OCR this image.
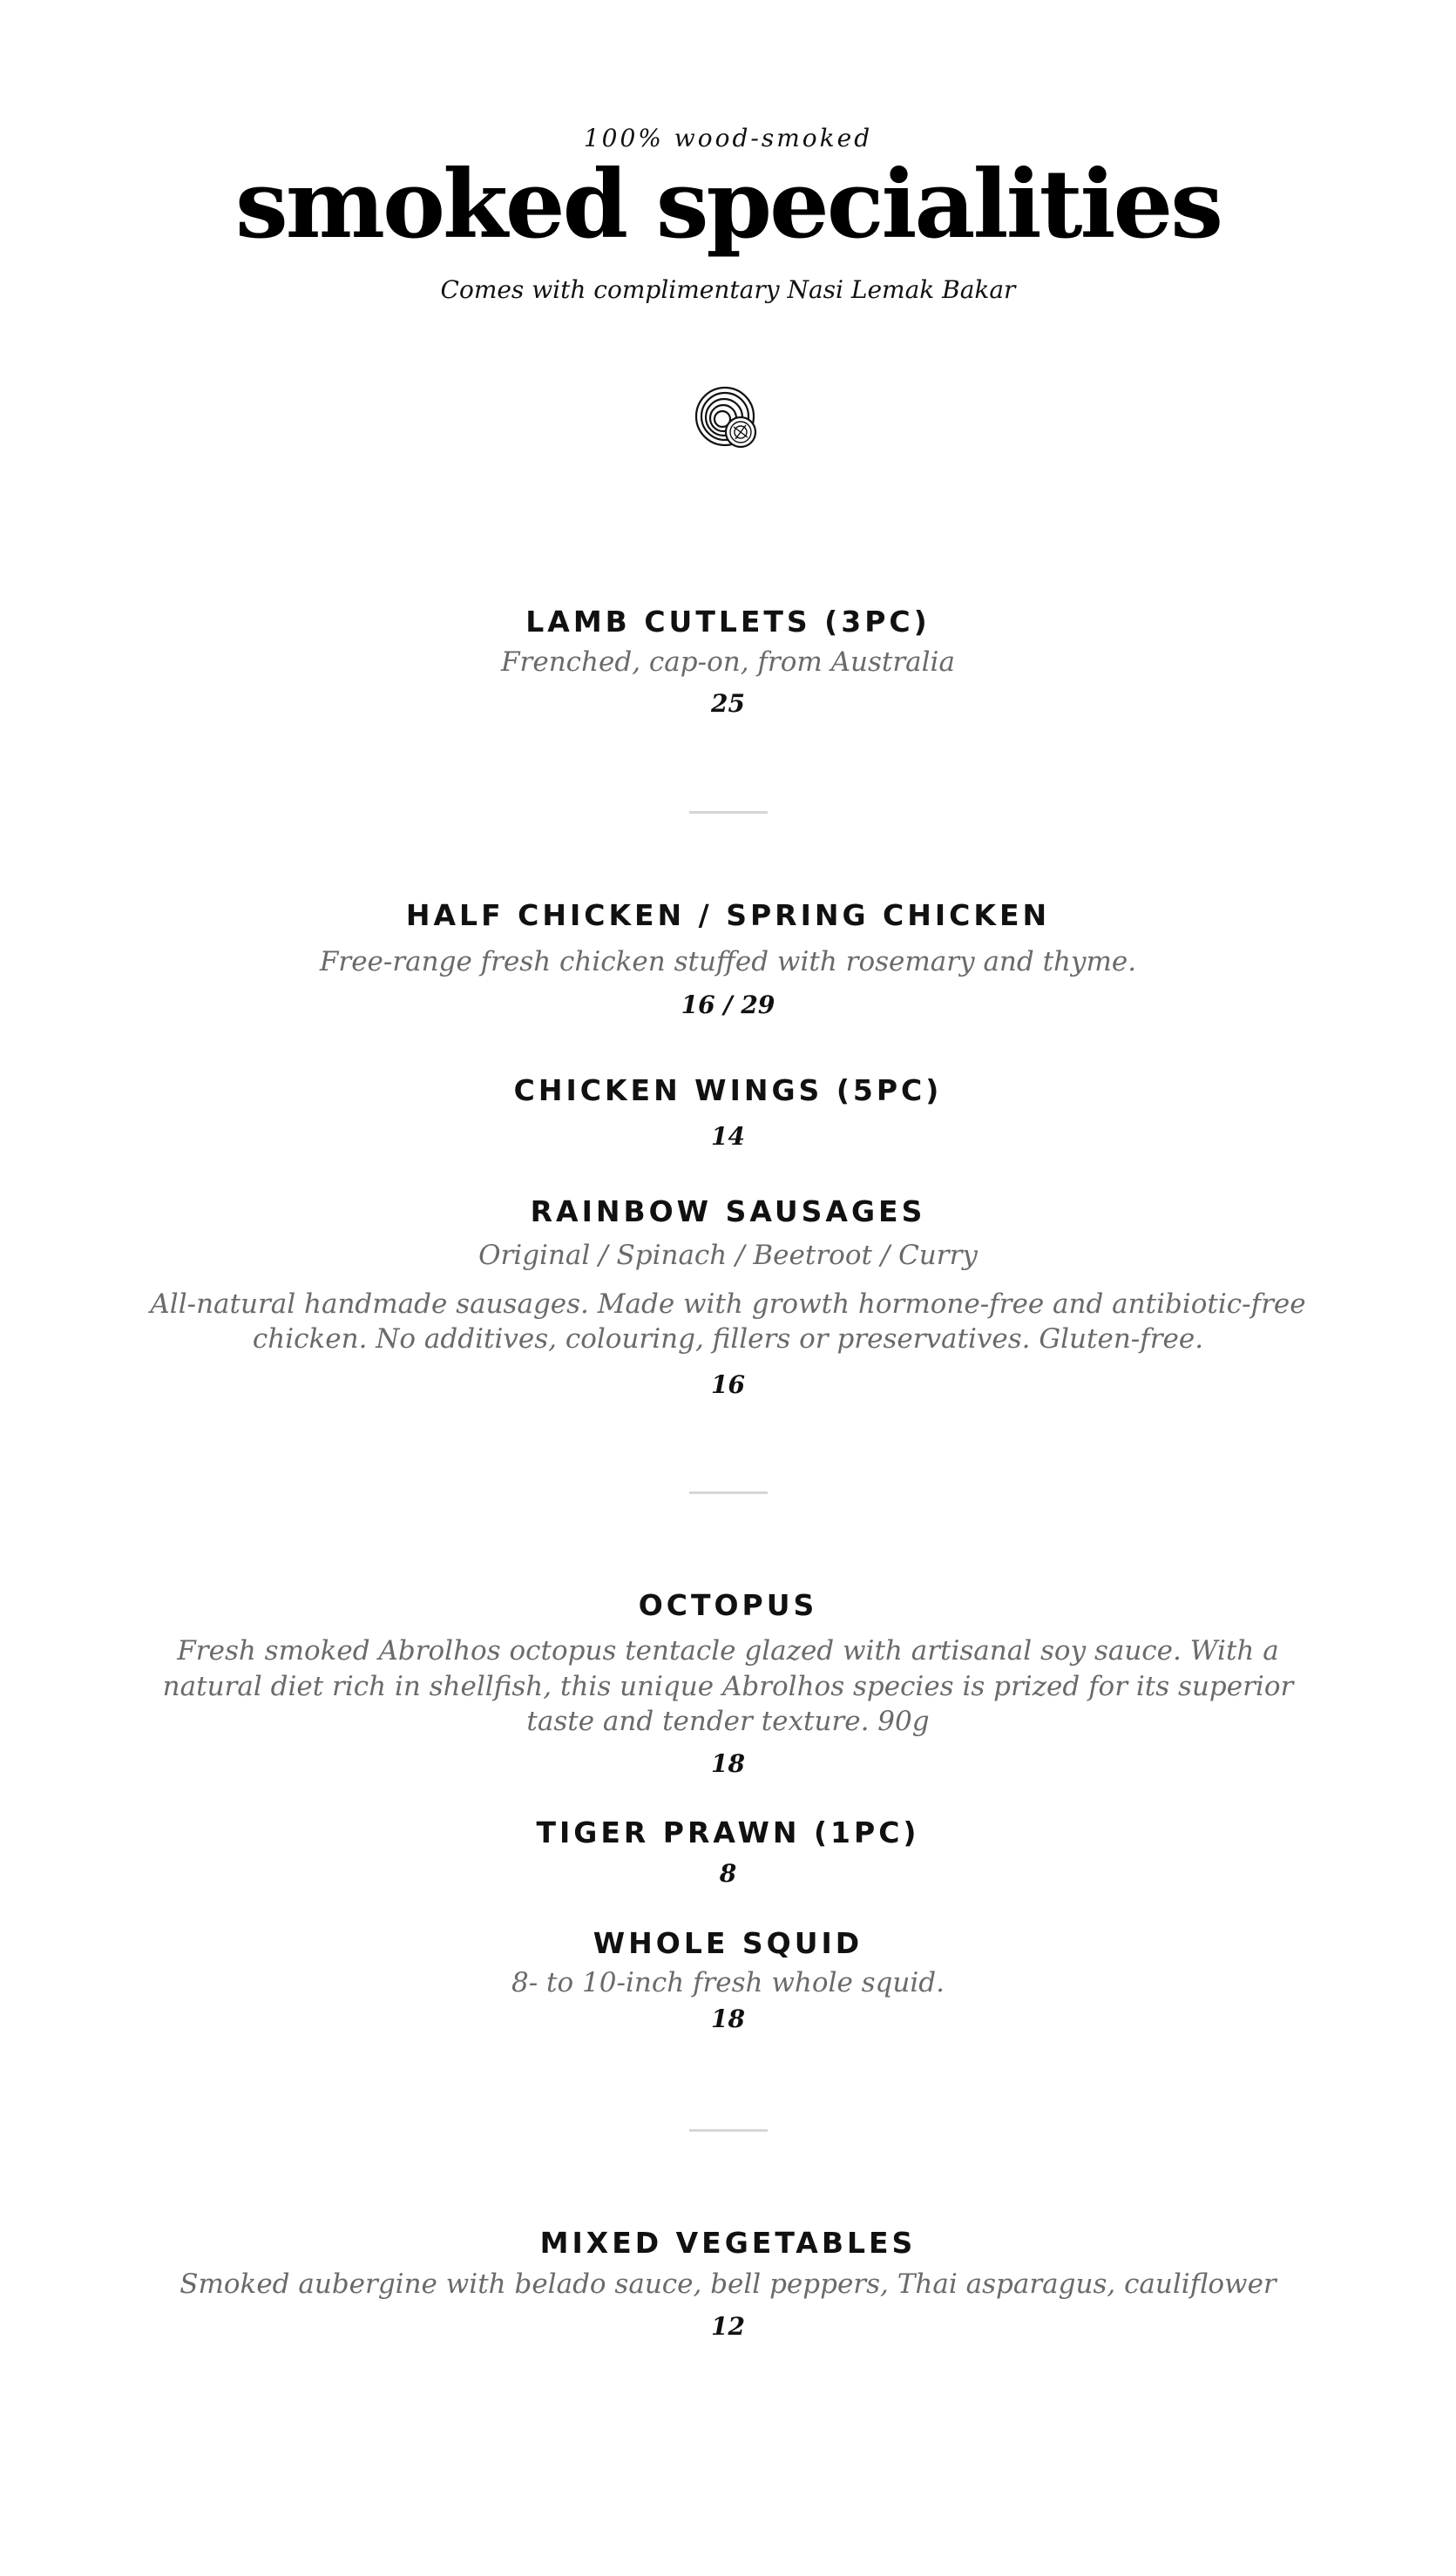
100% wood-smoked
smoked specialities
Comes with complimentary Nasi Lemak Bakar
LAMB CUTLETS (3PC)
Frenched, cap-on, from Australia
25
HALF CHICKEN / SPRING CHICKEN
Free-range fresh chicken stuffed with rosemary and thyme.
16 / 29
CHICKEN WINGS (5PC)
14
RAINBOW SAUSAGES
Original / Spinach / Beetroot / Curry
All-natural handmade sausages. Made with growth hormone-free and antibiotic-free
chicken. No additives, colouring, fillers or preservatives. Gluten-free.
16
OCTOPUS
Fresh smoked Abrolhos octopus tentacle glazed with artisanal soy sauce. With a
natural diet rich in shellfish, this unique Abrolhos species is prized for its superior
taste and tender texture. 90g
18
TIGER PRAWN (1PC)
8
WHOLE SQUID
8- to 10-inch fresh whole squid.
18
MIXED VEGETABLES
Smoked aubergine with belado sauce, bell peppers, Thai asparagus, cauliflower
12
